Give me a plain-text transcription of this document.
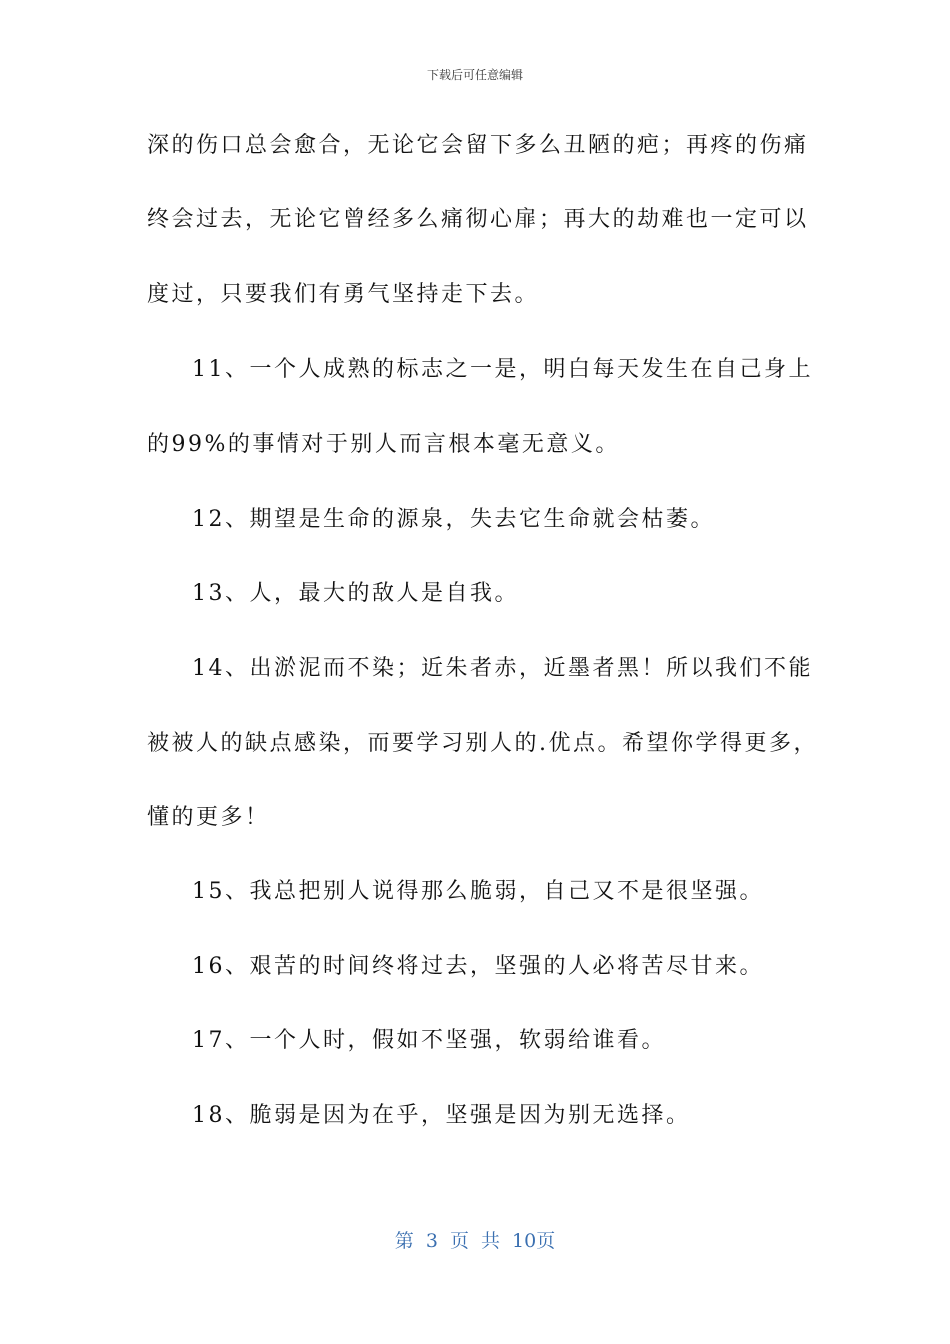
下载后可任意编辑
深的伤口总会愈合，无论它会留下多么丑陋的疤；再疼的伤痛
终会过去，无论它曾经多么痛彻心扉；再大的劫难也一定可以
度过，只要我们有勇气坚持走下去。
11、一个人成熟的标志之一是，明白每天发生在自己身上
的99%的事情对于别人而言根本毫无意义。
12、期望是生命的源泉，失去它生命就会枯萎。
13、人，最大的敌人是自我。
14、出淤泥而不染；近朱者赤，近墨者黑！所以我们不能
被被人的缺点感染，而要学习别人的.优点。希望你学得更多，
懂的更多！
15、我总把别人说得那么脆弱，自己又不是很坚强。
16、艰苦的时间终将过去，坚强的人必将苦尽甘来。
17、一个人时，假如不坚强，软弱给谁看。
18、脆弱是因为在乎，坚强是因为别无选择。
第 3 页 共 10页
